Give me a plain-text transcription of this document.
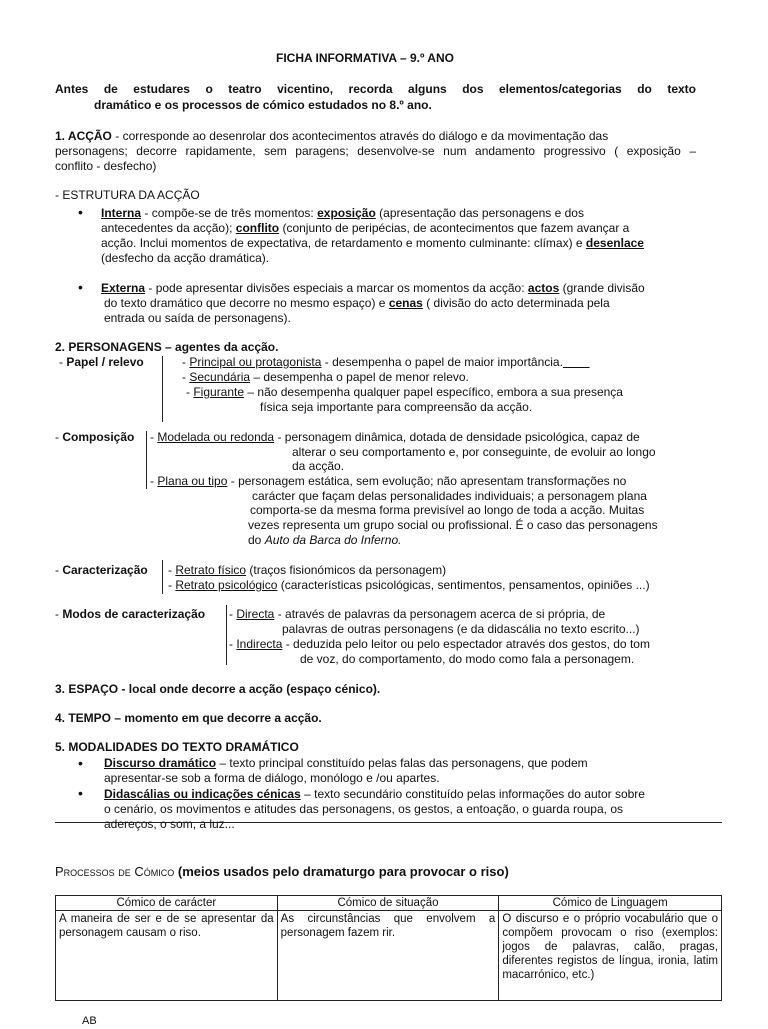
FICHA INFORMATIVA – 9.º ANO
Antes de estudares o teatro vicentino, recorda alguns dos elementos/categorias do texto
dramático e os processos de cómico estudados no 8.º ano.
1. ACÇÃO - corresponde ao desenrolar dos acontecimentos através do diálogo e da movimentação das
personagens; decorre rapidamente, sem paragens; desenvolve-se num andamento progressivo ( exposição –
conflito - desfecho)
- ESTRUTURA DA ACÇÃO
• Interna - compõe-se de três momentos: exposição (apresentação das personagens e dos
antecedentes da acção); conflito (conjunto de peripécias, de acontecimentos que fazem avançar a
acção. Inclui momentos de expectativa, de retardamento e momento culminante: clímax) e desenlace
(desfecho da acção dramática).
• Externa - pode apresentar divisões especiais a marcar os momentos da acção: actos (grande divisão
do texto dramático que decorre no mesmo espaço) e cenas ( divisão do acto determinada pela
entrada ou saída de personagens).
2. PERSONAGENS – agentes da acção.
- Papel / relevo	- Principal ou protagonista - desempenha o papel de maior importância.
- Secundária – desempenha o papel de menor relevo.
- Figurante – não desempenha qualquer papel específico, embora a sua presença
física seja importante para compreensão da acção.
- Composição - Modelada ou redonda - personagem dinâmica, dotada de densidade psicológica, capaz de
alterar o seu comportamento e, por conseguinte, de evoluir ao longo
da acção.
- Plana ou tipo - personagem estática, sem evolução; não apresentam transformações no
carácter que façam delas personalidades individuais; a personagem plana
comporta-se da mesma forma previsível ao longo de toda a acção. Muitas
vezes representa um grupo social ou profissional. É o caso das personagens
do Auto da Barca do Inferno.
- Caracterização - Retrato físico (traços fisionómicos da personagem)
- Retrato psicológico (características psicológicas, sentimentos, pensamentos, opiniões ...)
- Modos de caracterização - Directa - através de palavras da personagem acerca de si própria, de
palavras de outras personagens (e da didascália no texto escrito...)
- Indirecta - deduzida pelo leitor ou pelo espectador através dos gestos, do tom
de voz, do comportamento, do modo como fala a personagem.
3. ESPAÇO - local onde decorre a acção (espaço cénico).
4. TEMPO – momento em que decorre a acção.
5. MODALIDADES DO TEXTO DRAMÁTICO
• Discurso dramático – texto principal constituído pelas falas das personagens, que podem
apresentar-se sob a forma de diálogo, monólogo e /ou apartes.
• Didascálias ou indicações cénicas – texto secundário constituído pelas informações do autor sobre
o cenário, os movimentos e atitudes das personagens, os gestos, a entoação, o guarda roupa, os
adereços, o som, a luz...
Processos de Cómico (meios usados pelo dramaturgo para provocar o riso)
Cómico de carácter	Cómico de situação	Cómico de Linguagem
A maneira de ser e de se apresentar da personagem causam o riso.	As circunstâncias que envolvem a personagem fazem rir.	O discurso e o próprio vocabulário que o compõem provocam o riso (exemplos: jogos de palavras, calão, pragas, diferentes registos de língua, ironia, latim macarrónico, etc.)
AB
